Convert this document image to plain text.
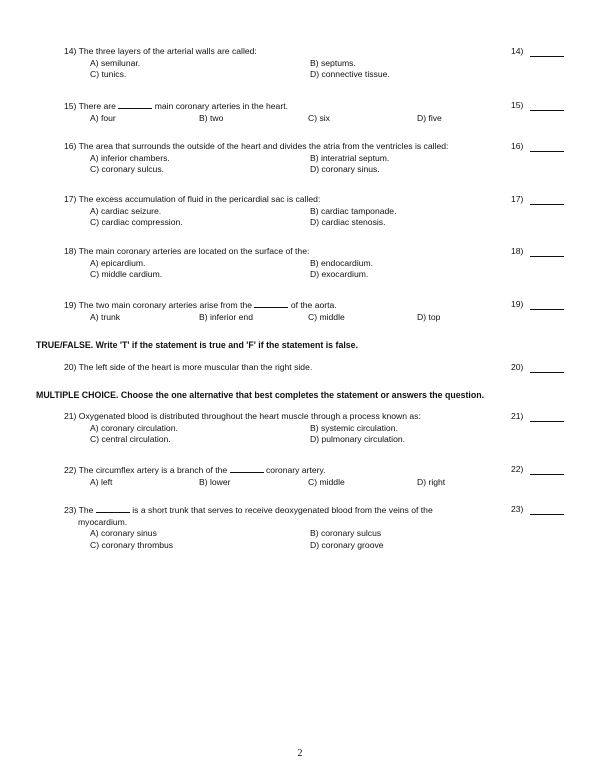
14) The three layers of the arterial walls are called:
A) semilunar.	B) septums.
C) tunics.	D) connective tissue.
14)
15) There are	main coronary arteries in the heart.
A) four	B) two	C) six	D) five
15)
16) The area that surrounds the outside of the heart and divides the atria from the ventricles is called:
A) inferior chambers.	B) interatrial septum.
C) coronary sulcus.	D) coronary sinus.
16)
17) The excess accumulation of fluid in the pericardial sac is called:
A) cardiac seizure.	B) cardiac tamponade.
C) cardiac compression.	D) cardiac stenosis.
17)
18) The main coronary arteries are located on the surface of the:
A) epicardium.	B) endocardium.
C) middle cardium.	D) exocardium.
18)
19) The two main coronary arteries arise from the	of the aorta.
A) trunk	B) inferior end	C) middle	D) top
19)
TRUE/FALSE. Write 'T' if the statement is true and 'F' if the statement is false.
20) The left side of the heart is more muscular than the right side.	20)
MULTIPLE CHOICE. Choose the one alternative that best completes the statement or answers the question.
21) Oxygenated blood is distributed throughout the heart muscle through a process known as:
A) coronary circulation.	B) systemic circulation.
C) central circulation.	D) pulmonary circulation.
21)
22) The circumflex artery is a branch of the	coronary artery.
A) left	B) lower	C) middle	D) right
22)
23) The	is a short trunk that serves to receive deoxygenated blood from the veins of the
myocardium.
A) coronary sinus	B) coronary sulcus
C) coronary thrombus	D) coronary groove
23)
2
